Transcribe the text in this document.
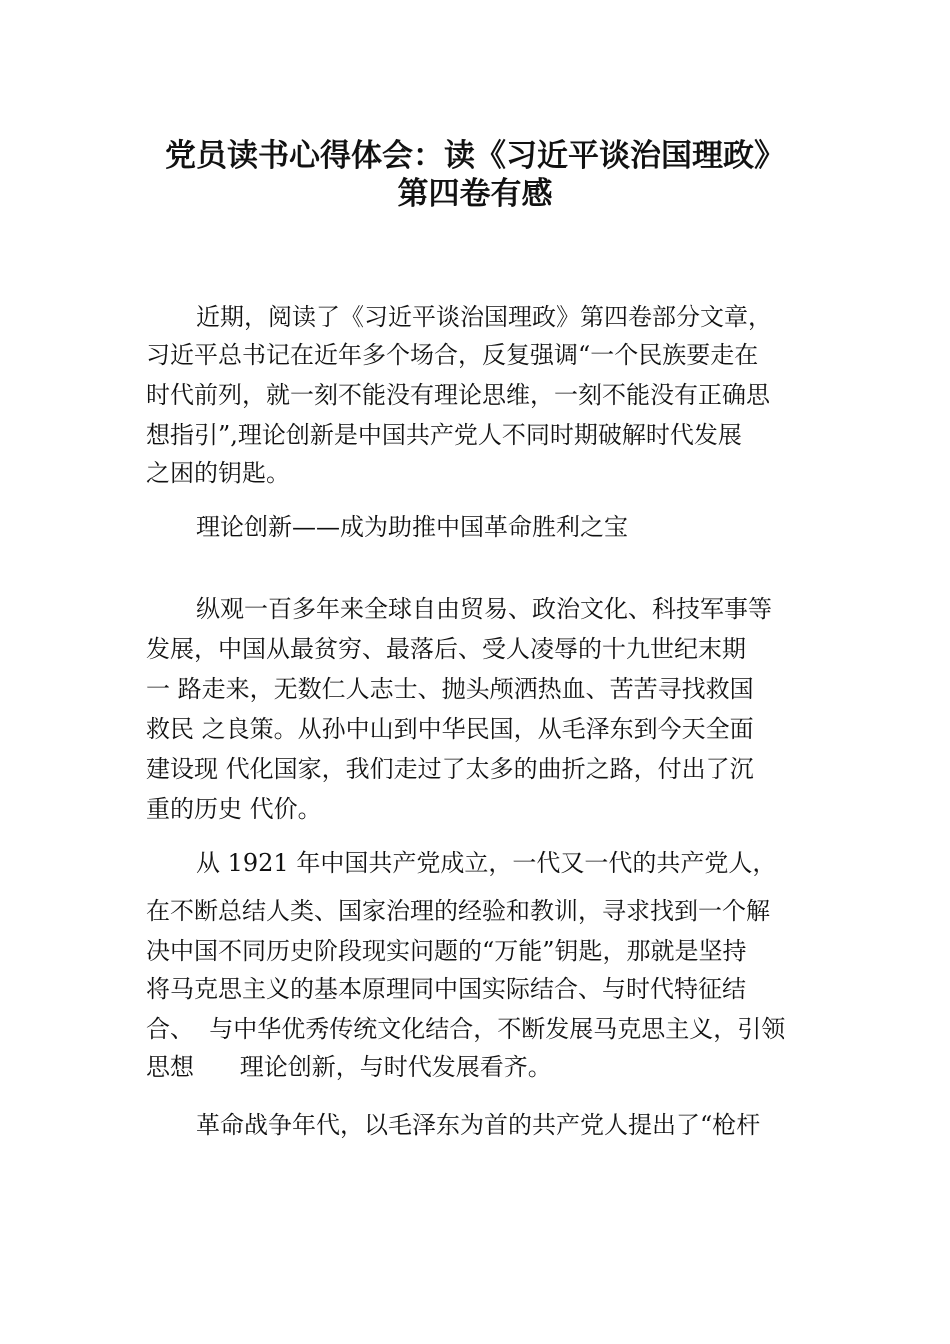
党员读书心得体会：读《习近平谈治国理政》
第四卷有感
近期，阅读了《习近平谈治国理政》第四卷部分文章，
习近平总书记在近年多个场合，反复强调“一个民族要走在
时代前列，就一刻不能没有理论思维，一刻不能没有正确思
想指引”,理论创新是中国共产党人不同时期破解时代发展
之困的钥匙。
理论创新——成为助推中国革命胜利之宝
纵观一百多年来全球自由贸易、政治文化、科技军事等
发展，中国从最贫穷、最落后、受人凌辱的十九世纪末期
一 路走来，无数仁人志士、抛头颅洒热血、苦苦寻找救国
救民 之良策。从孙中山到中华民国，从毛泽东到今天全面
建设现 代化国家，我们走过了太多的曲折之路，付出了沉
重的历史 代价。
从 1921 年中国共产党成立，一代又一代的共产党人，
在不断总结人类、国家治理的经验和教训，寻求找到一个解
决中国不同历史阶段现实问题的“万能”钥匙，那就是坚持
将马克思主义的基本原理同中国实际结合、与时代特征结
合、  与中华优秀传统文化结合，不断发展马克思主义，引领
思想      理论创新，与时代发展看齐。
革命战争年代，以毛泽东为首的共产党人提出了“枪杆
